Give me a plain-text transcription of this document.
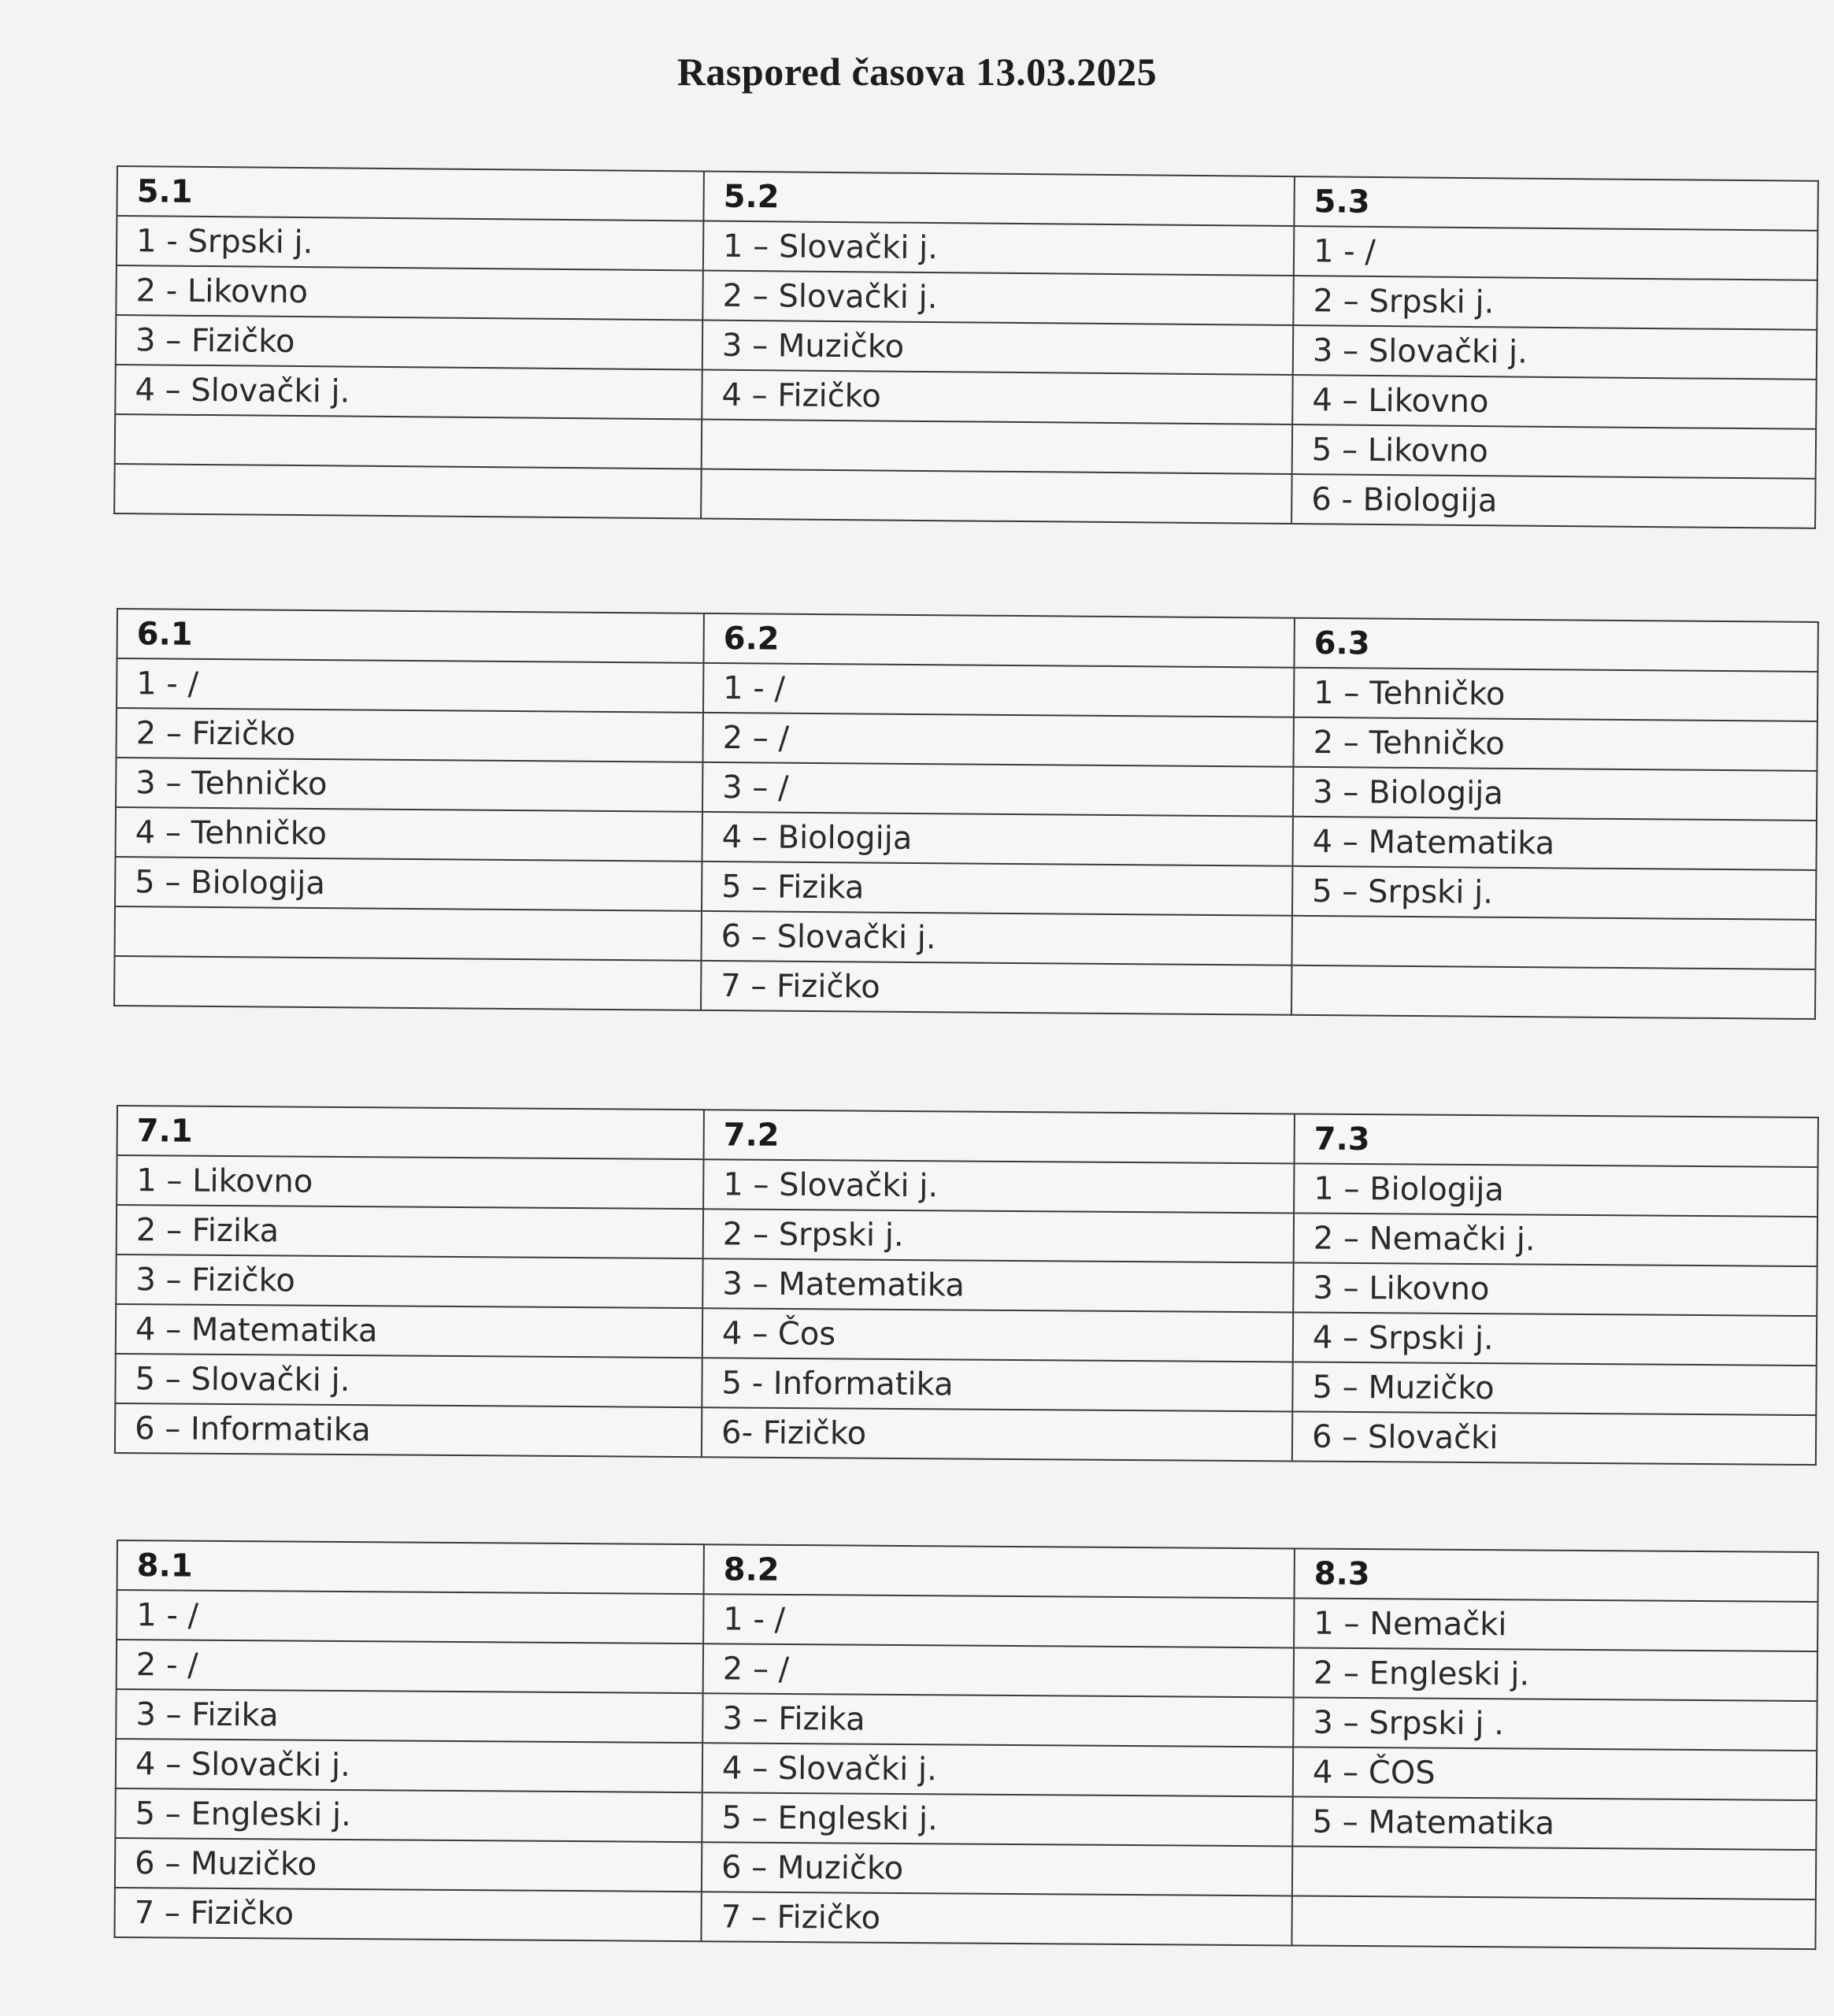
Raspored časova 13.03.2025
5.1	5.2	5.3
1 - Srpski j.	1 – Slovački j.	1 - /
2 - Likovno	2 – Slovački j.	2 – Srpski j.
3 – Fizičko	3 – Muzičko	3 – Slovački j.
4 – Slovački j.	4 – Fizičko	4 – Likovno
		5 – Likovno
		6 - Biologija
6.1	6.2	6.3
1 - /	1 - /	1 – Tehničko
2 – Fizičko	2 – /	2 – Tehničko
3 – Tehničko	3 – /	3 – Biologija
4 – Tehničko	4 – Biologija	4 – Matematika
5 – Biologija	5 – Fizika	5 – Srpski j.
	6 – Slovački j.	
	7 – Fizičko	
7.1	7.2	7.3
1 – Likovno	1 – Slovački j.	1 – Biologija
2 – Fizika	2 – Srpski j.	2 – Nemački j.
3 – Fizičko	3 – Matematika	3 – Likovno
4 – Matematika	4 – Čos	4 – Srpski j.
5 – Slovački j.	5 - Informatika	5 – Muzičko
6 – Informatika	6- Fizičko	6 – Slovački
8.1	8.2	8.3
1 - /	1 - /	1 – Nemački
2 - /	2 – /	2 – Engleski j.
3 – Fizika	3 – Fizika	3 – Srpski j .
4 – Slovački j.	4 – Slovački j.	4 – ČOS
5 – Engleski j.	5 – Engleski j.	5 – Matematika
6 – Muzičko	6 – Muzičko	
7 – Fizičko	7 – Fizičko	
